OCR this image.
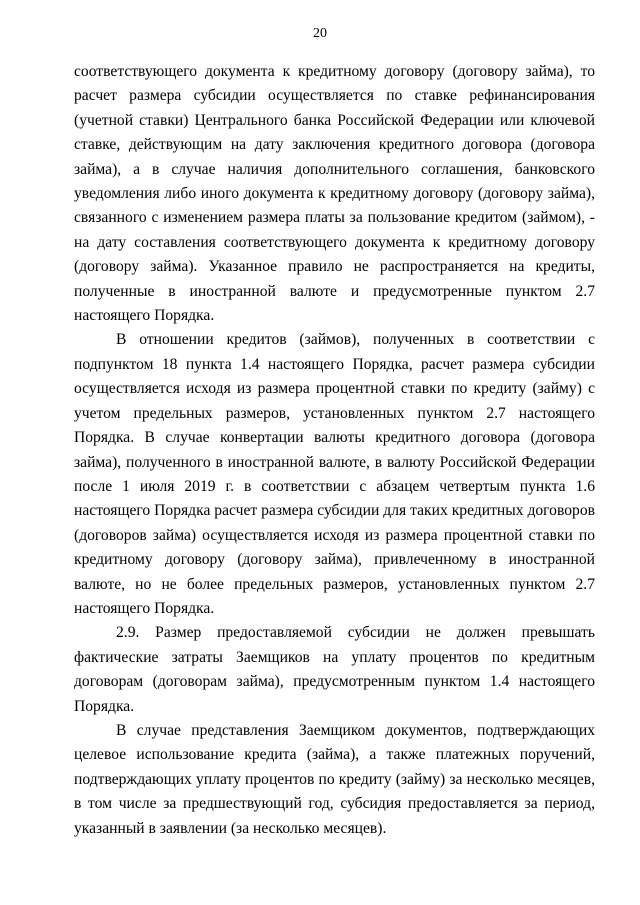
20

соответствующего документа к кредитному договору (договору займа), то расчет размера субсидии осуществляется по ставке рефинансирования (учетной ставки) Центрального банка Российской Федерации или ключевой ставке, действующим на дату заключения кредитного договора (договора займа), а в случае наличия дополнительного соглашения, банковского уведомления либо иного документа к кредитному договору (договору займа), связанного с изменением размера платы за пользование кредитом (займом), - на дату составления соответствующего документа к кредитному договору (договору займа). Указанное правило не распространяется на кредиты, полученные в иностранной валюте и предусмотренные пунктом 2.7 настоящего Порядка.

В отношении кредитов (займов), полученных в соответствии с подпунктом 18 пункта 1.4 настоящего Порядка, расчет размера субсидии осуществляется исходя из размера процентной ставки по кредиту (займу) с учетом предельных размеров, установленных пунктом 2.7 настоящего Порядка. В случае конвертации валюты кредитного договора (договора займа), полученного в иностранной валюте, в валюту Российской Федерации после 1 июля 2019 г. в соответствии с абзацем четвертым пункта 1.6 настоящего Порядка расчет размера субсидии для таких кредитных договоров (договоров займа) осуществляется исходя из размера процентной ставки по кредитному договору (договору займа), привлеченному в иностранной валюте, но не более предельных размеров, установленных пунктом 2.7 настоящего Порядка.

2.9. Размер предоставляемой субсидии не должен превышать фактические затраты Заемщиков на уплату процентов по кредитным договорам (договорам займа), предусмотренным пунктом 1.4 настоящего Порядка.

В случае представления Заемщиком документов, подтверждающих целевое использование кредита (займа), а также платежных поручений, подтверждающих уплату процентов по кредиту (займу) за несколько месяцев, в том числе за предшествующий год, субсидия предоставляется за период, указанный в заявлении (за несколько месяцев).
